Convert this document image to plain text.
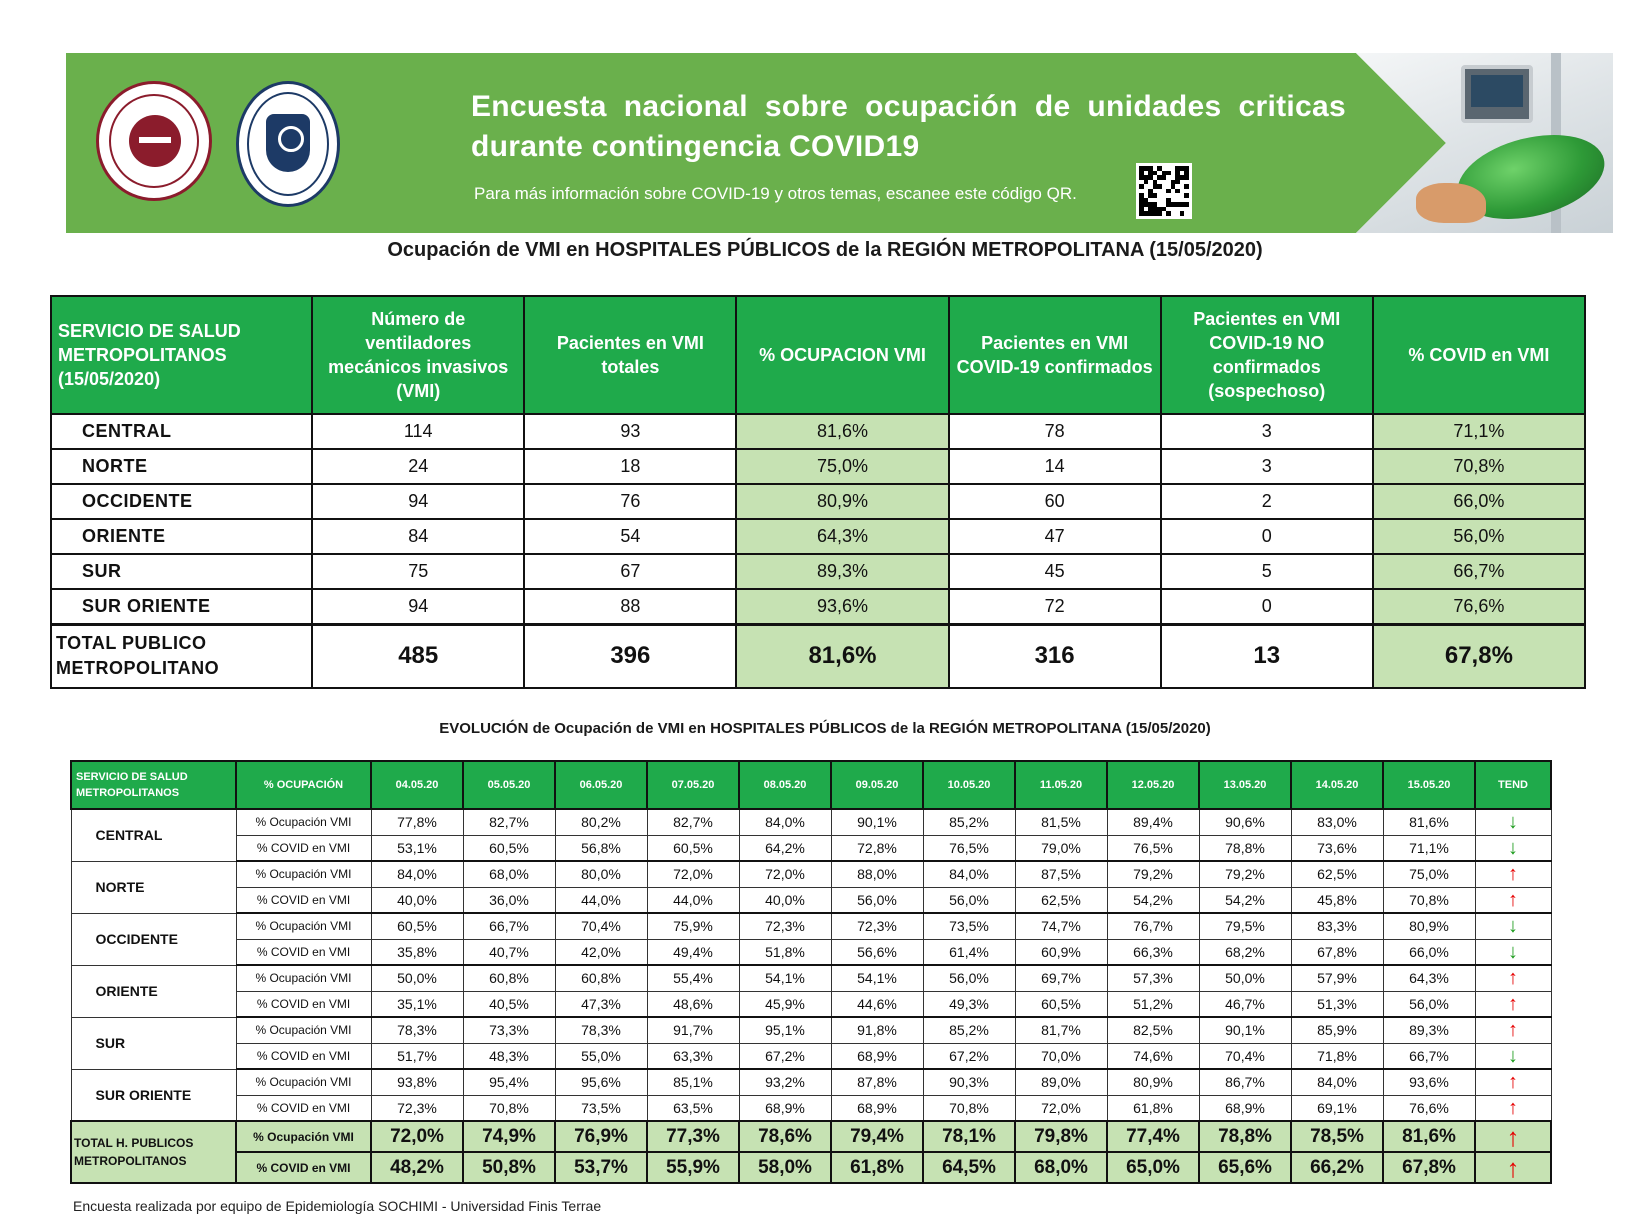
Encuesta nacional sobre ocupación de unidades criticas durante contingencia COVID19
Para más información sobre COVID-19 y otros temas, escanee este código QR.
Ocupación de VMI en HOSPITALES PÚBLICOS de la REGIÓN METROPOLITANA (15/05/2020)
SERVICIO DE SALUD METROPOLITANOS (15/05/2020)	Número de ventiladores mecánicos invasivos (VMI)	Pacientes en VMI totales	% OCUPACION VMI	Pacientes en VMI COVID-19 confirmados	Pacientes en VMI COVID-19 NO confirmados (sospechoso)	% COVID en VMI
CENTRAL	114	93	81,6%	78	3	71,1%
NORTE	24	18	75,0%	14	3	70,8%
OCCIDENTE	94	76	80,9%	60	2	66,0%
ORIENTE	84	54	64,3%	47	0	56,0%
SUR	75	67	89,3%	45	5	66,7%
SUR ORIENTE	94	88	93,6%	72	0	76,6%
TOTAL PUBLICO METROPOLITANO	485	396	81,6%	316	13	67,8%
EVOLUCIÓN de Ocupación de VMI en HOSPITALES PÚBLICOS de la REGIÓN METROPOLITANA (15/05/2020)
SERVICIO DE SALUD METROPOLITANOS	% OCUPACIÓN	04.05.20	05.05.20	06.05.20	07.05.20	08.05.20	09.05.20	10.05.20	11.05.20	12.05.20	13.05.20	14.05.20	15.05.20	TEND
CENTRAL	% Ocupación VMI	77,8%	82,7%	80,2%	82,7%	84,0%	90,1%	85,2%	81,5%	89,4%	90,6%	83,0%	81,6%	↓
	% COVID en VMI	53,1%	60,5%	56,8%	60,5%	64,2%	72,8%	76,5%	79,0%	76,5%	78,8%	73,6%	71,1%	↓
NORTE	% Ocupación VMI	84,0%	68,0%	80,0%	72,0%	72,0%	88,0%	84,0%	87,5%	79,2%	79,2%	62,5%	75,0%	↑
	% COVID en VMI	40,0%	36,0%	44,0%	44,0%	40,0%	56,0%	56,0%	62,5%	54,2%	54,2%	45,8%	70,8%	↑
OCCIDENTE	% Ocupación VMI	60,5%	66,7%	70,4%	75,9%	72,3%	72,3%	73,5%	74,7%	76,7%	79,5%	83,3%	80,9%	↓
	% COVID en VMI	35,8%	40,7%	42,0%	49,4%	51,8%	56,6%	61,4%	60,9%	66,3%	68,2%	67,8%	66,0%	↓
ORIENTE	% Ocupación VMI	50,0%	60,8%	60,8%	55,4%	54,1%	54,1%	56,0%	69,7%	57,3%	50,0%	57,9%	64,3%	↑
	% COVID en VMI	35,1%	40,5%	47,3%	48,6%	45,9%	44,6%	49,3%	60,5%	51,2%	46,7%	51,3%	56,0%	↑
SUR	% Ocupación VMI	78,3%	73,3%	78,3%	91,7%	95,1%	91,8%	85,2%	81,7%	82,5%	90,1%	85,9%	89,3%	↑
	% COVID en VMI	51,7%	48,3%	55,0%	63,3%	67,2%	68,9%	67,2%	70,0%	74,6%	70,4%	71,8%	66,7%	↓
SUR ORIENTE	% Ocupación VMI	93,8%	95,4%	95,6%	85,1%	93,2%	87,8%	90,3%	89,0%	80,9%	86,7%	84,0%	93,6%	↑
	% COVID en VMI	72,3%	70,8%	73,5%	63,5%	68,9%	68,9%	70,8%	72,0%	61,8%	68,9%	69,1%	76,6%	↑
TOTAL H. PUBLICOS METROPOLITANOS	% Ocupación VMI	72,0%	74,9%	76,9%	77,3%	78,6%	79,4%	78,1%	79,8%	77,4%	78,8%	78,5%	81,6%	↑
	% COVID en VMI	48,2%	50,8%	53,7%	55,9%	58,0%	61,8%	64,5%	68,0%	65,0%	65,6%	66,2%	67,8%	↑
Encuesta realizada por equipo de Epidemiología SOCHIMI - Universidad Finis Terrae
